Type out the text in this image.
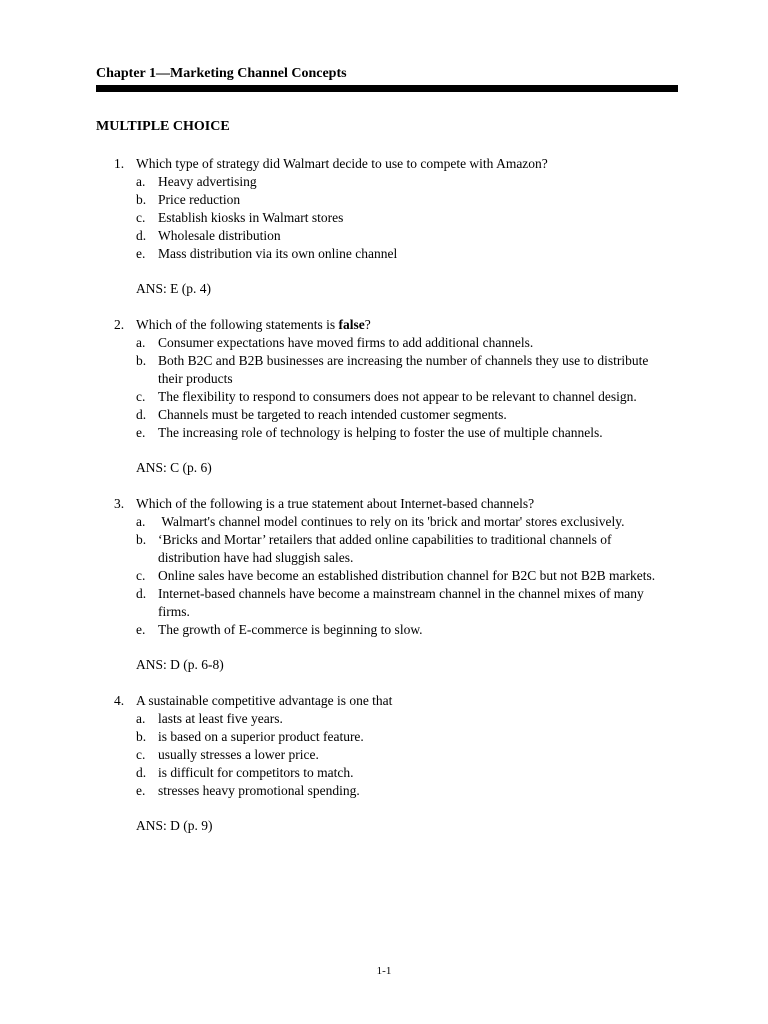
Chapter 1—Marketing Channel Concepts
MULTIPLE CHOICE
1. Which type of strategy did Walmart decide to use to compete with Amazon?
a. Heavy advertising
b. Price reduction
c. Establish kiosks in Walmart stores
d. Wholesale distribution
e. Mass distribution via its own online channel
ANS: E (p. 4)
2. Which of the following statements is false?
a. Consumer expectations have moved firms to add additional channels.
b. Both B2C and B2B businesses are increasing the number of channels they use to distribute their products
c. The flexibility to respond to consumers does not appear to be relevant to channel design.
d. Channels must be targeted to reach intended customer segments.
e. The increasing role of technology is helping to foster the use of multiple channels.
ANS: C (p. 6)
3. Which of the following is a true statement about Internet-based channels?
a. Walmart's channel model continues to rely on its 'brick and mortar' stores exclusively.
b. ‘Bricks and Mortar’ retailers that added online capabilities to traditional channels of distribution have had sluggish sales.
c. Online sales have become an established distribution channel for B2C but not B2B markets.
d. Internet-based channels have become a mainstream channel in the channel mixes of many firms.
e. The growth of E-commerce is beginning to slow.
ANS: D (p. 6-8)
4. A sustainable competitive advantage is one that
a. lasts at least five years.
b. is based on a superior product feature.
c. usually stresses a lower price.
d. is difficult for competitors to match.
e. stresses heavy promotional spending.
ANS: D (p. 9)
1-1
